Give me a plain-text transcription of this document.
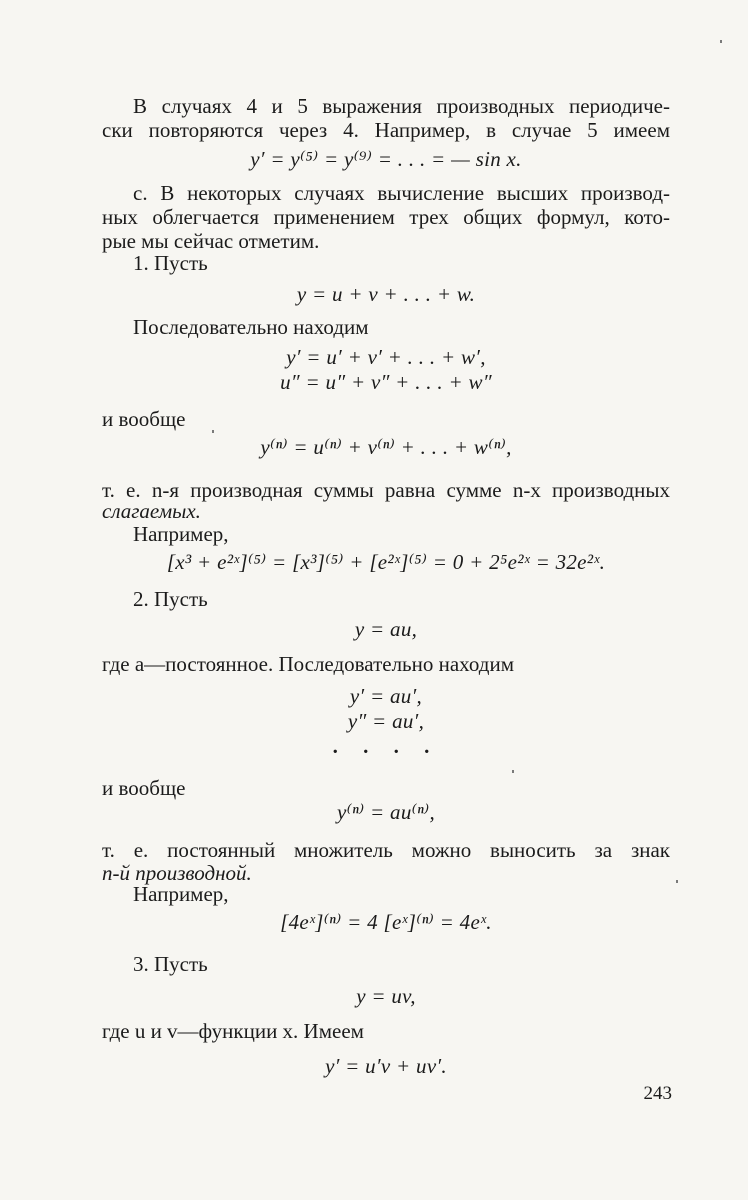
В случаях 4 и 5 выражения производных периодиче-
ски повторяются через 4. Например, в случае 5 имеем
y′ = y⁽⁵⁾ = y⁽⁹⁾ = . . . = — sin x.
с. В некоторых случаях вычисление высших производ-
ных облегчается применением трех общих формул, кото-
рые мы сейчас отметим.
1. Пусть
y = u + v + . . . + w.
Последовательно находим
y′ = u′ + v′ + . . . + w′,
u″ = u″ + v″ + . . . + w″
и вообще
y⁽ⁿ⁾ = u⁽ⁿ⁾ + v⁽ⁿ⁾ + . . . + w⁽ⁿ⁾,
т. е. n-я производная суммы равна сумме n-х производных
слагаемых.
Например,
[x³ + e²ˣ]⁽⁵⁾ = [x³]⁽⁵⁾ + [e²ˣ]⁽⁵⁾ = 0 + 2⁵e²ˣ = 32e²ˣ.
2. Пусть
y = au,
где a—постоянное. Последовательно находим
y′ = au′,
y″ = au′,
. . . .
и вообще
y⁽ⁿ⁾ = au⁽ⁿ⁾,
т. е. постоянный множитель можно выносить за знак
n-й производной.
Например,
[4eˣ]⁽ⁿ⁾ = 4 [eˣ]⁽ⁿ⁾ = 4eˣ.
3. Пусть
y = uv,
где u и v—функции x. Имеем
y′ = u′v + uv′.
243
